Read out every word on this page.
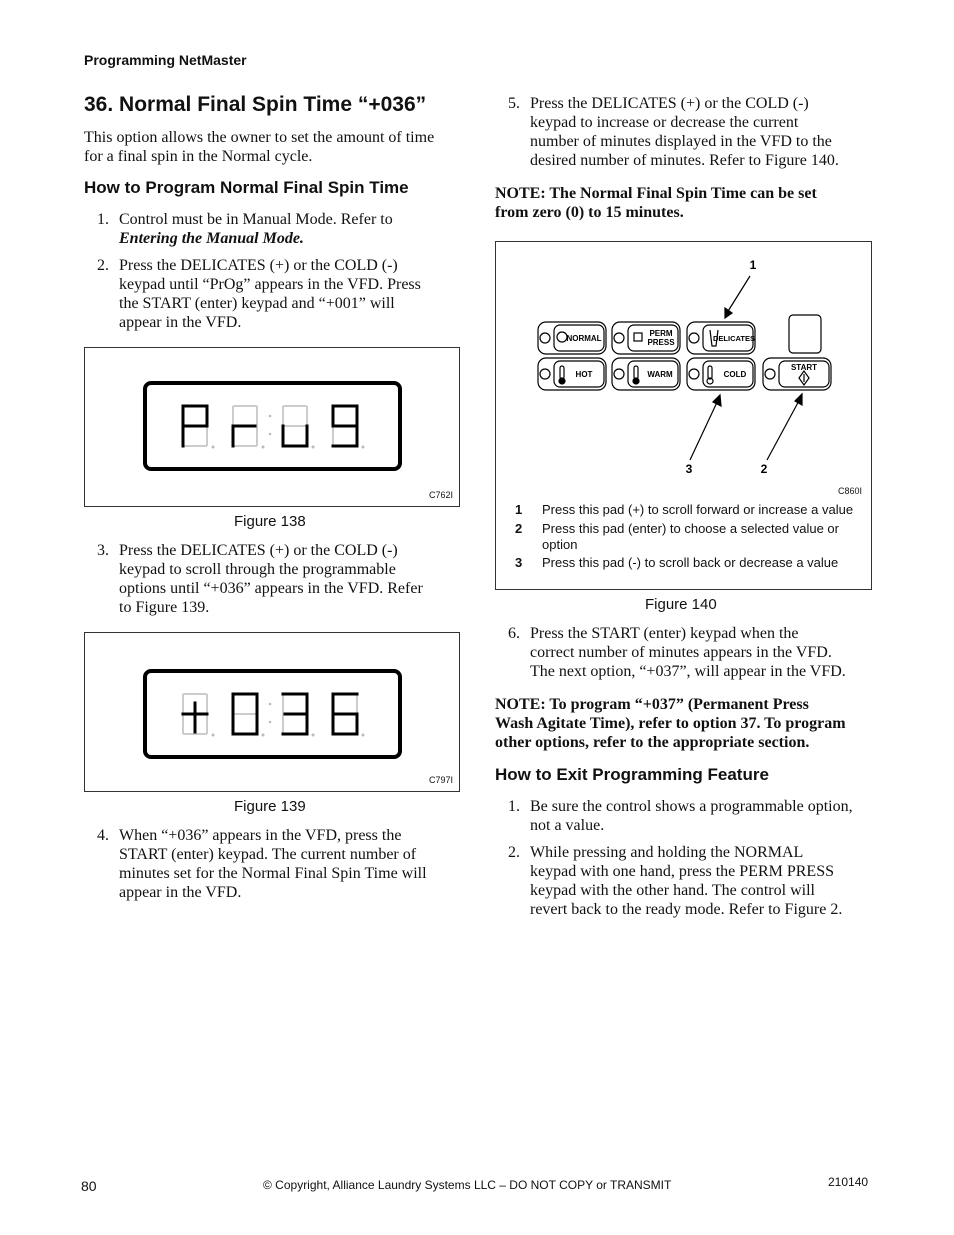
Programming NetMaster
36. Normal Final Spin Time “+036”
This option allows the owner to set the amount of time
for a final spin in the Normal cycle.
How to Program Normal Final Spin Time
1. Control must be in Manual Mode. Refer to
Entering the Manual Mode.
2. Press the DELICATES (+) or the COLD (-)
keypad until “PrOg” appears in the VFD. Press
the START (enter) keypad and “+001” will
appear in the VFD.
C762I
Figure 138
3. Press the DELICATES (+) or the COLD (-)
keypad to scroll through the programmable
options until “+036” appears in the VFD. Refer
to Figure 139.
C797I
Figure 139
4. When “+036” appears in the VFD, press the
START (enter) keypad. The current number of
minutes set for the Normal Final Spin Time will
appear in the VFD.
5. Press the DELICATES (+) or the COLD (-)
keypad to increase or decrease the current
number of minutes displayed in the VFD to the
desired number of minutes. Refer to Figure 140.
NOTE: The Normal Final Spin Time can be set
from zero (0) to 15 minutes.
NORMAL
PERM
PRESS	DELICATES
HOT	WARM	COLD
START
1
2
3
C860I
1 Press this pad (+) to scroll forward or increase a value
2 Press this pad (enter) to choose a selected value or
option
3 Press this pad (-) to scroll back or decrease a value
Figure 140
6. Press the START (enter) keypad when the
correct number of minutes appears in the VFD.
The next option, “+037”, will appear in the VFD.
NOTE: To program “+037” (Permanent Press
Wash Agitate Time), refer to option 37. To program
other options, refer to the appropriate section.
How to Exit Programming Feature
1. Be sure the control shows a programmable option,
not a value.
2. While pressing and holding the NORMAL
keypad with one hand, press the PERM PRESS
keypad with the other hand. The control will
revert back to the ready mode. Refer to Figure 2.
80	© Copyright, Alliance Laundry Systems LLC – DO NOT COPY or TRANSMIT	210140
